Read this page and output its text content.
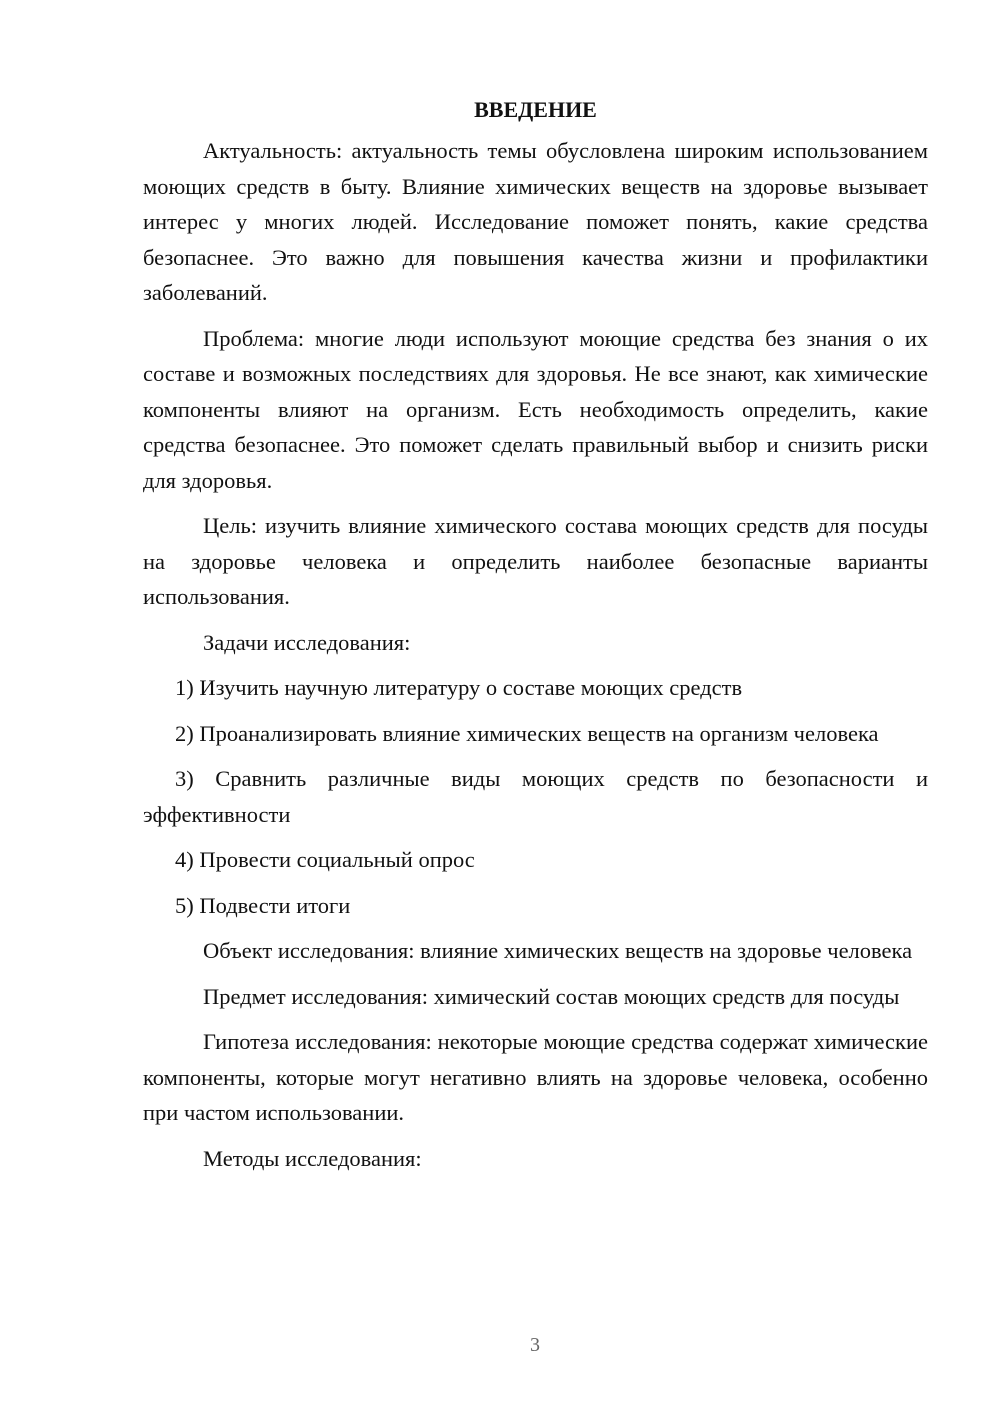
ВВЕДЕНИЕ

Актуальность: актуальность темы обусловлена широким использованием моющих средств в быту. Влияние химических веществ на здоровье вызывает интерес у многих людей. Исследование поможет понять, какие средства безопаснее. Это важно для повышения качества жизни и профилактики заболеваний.

Проблема: многие люди используют моющие средства без знания о их составе и возможных последствиях для здоровья. Не все знают, как химические компоненты влияют на организм. Есть необходимость определить, какие средства безопаснее. Это поможет сделать правильный выбор и снизить риски для здоровья.

Цель: изучить влияние химического состава моющих средств для посуды на здоровье человека и определить наиболее безопасные варианты использования.

Задачи исследования:

1) Изучить научную литературу о составе моющих средств

2) Проанализировать влияние химических веществ на организм человека

3) Сравнить различные виды моющих средств по безопасности и эффективности

4) Провести социальный опрос

5) Подвести итоги

Объект исследования: влияние химических веществ на здоровье человека

Предмет исследования: химический состав моющих средств для посуды

Гипотеза исследования: некоторые моющие средства содержат химические компоненты, которые могут негативно влиять на здоровье человека, особенно при частом использовании.

Методы исследования:

3
